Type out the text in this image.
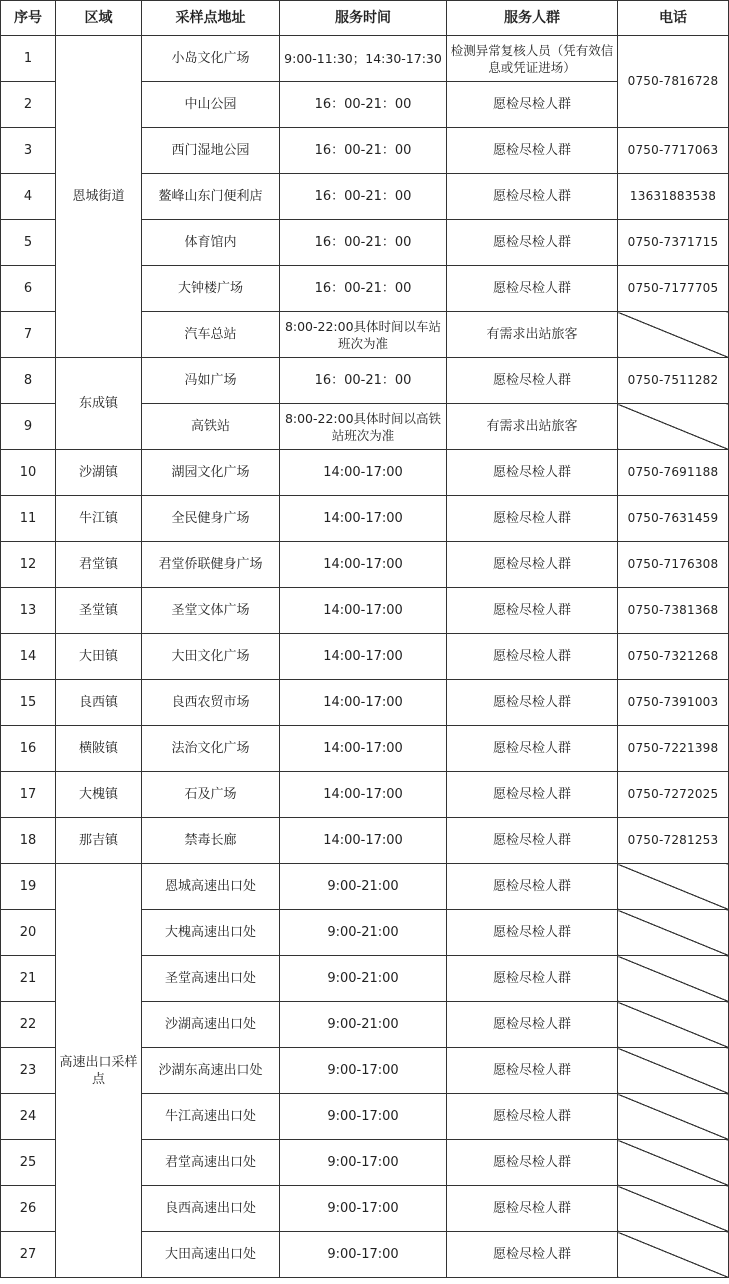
序号	区域	采样点地址	服务时间	服务人群	电话
1	恩城街道	小岛文化广场	9:00-11:30；14:30-17:30	检测异常复核人员（凭有效信息或凭证进场）	0750-7816728
2		中山公园	16：00-21：00	愿检尽检人群	
3		西门湿地公园	16：00-21：00	愿检尽检人群	0750-7717063
4		鳌峰山东门便利店	16：00-21：00	愿检尽检人群	13631883538
5		体育馆内	16：00-21：00	愿检尽检人群	0750-7371715
6		大钟楼广场	16：00-21：00	愿检尽检人群	0750-7177705
7		汽车总站	8:00-22:00具体时间以车站班次为准	有需求出站旅客	
8	东成镇	冯如广场	16：00-21：00	愿检尽检人群	0750-7511282
9		高铁站	8:00-22:00具体时间以高铁站班次为准	有需求出站旅客	
10	沙湖镇	湖园文化广场	14:00-17:00	愿检尽检人群	0750-7691188
11	牛江镇	全民健身广场	14:00-17:00	愿检尽检人群	0750-7631459
12	君堂镇	君堂侨联健身广场	14:00-17:00	愿检尽检人群	0750-7176308
13	圣堂镇	圣堂文体广场	14:00-17:00	愿检尽检人群	0750-7381368
14	大田镇	大田文化广场	14:00-17:00	愿检尽检人群	0750-7321268
15	良西镇	良西农贸市场	14:00-17:00	愿检尽检人群	0750-7391003
16	横陂镇	法治文化广场	14:00-17:00	愿检尽检人群	0750-7221398
17	大槐镇	石及广场	14:00-17:00	愿检尽检人群	0750-7272025
18	那吉镇	禁毒长廊	14:00-17:00	愿检尽检人群	0750-7281253
19	高速出口采样点	恩城高速出口处	9:00-21:00	愿检尽检人群	
20		大槐高速出口处	9:00-21:00	愿检尽检人群	
21		圣堂高速出口处	9:00-21:00	愿检尽检人群	
22		沙湖高速出口处	9:00-21:00	愿检尽检人群	
23		沙湖东高速出口处	9:00-17:00	愿检尽检人群	
24		牛江高速出口处	9:00-17:00	愿检尽检人群	
25		君堂高速出口处	9:00-17:00	愿检尽检人群	
26		良西高速出口处	9:00-17:00	愿检尽检人群	
27		大田高速出口处	9:00-17:00	愿检尽检人群	
